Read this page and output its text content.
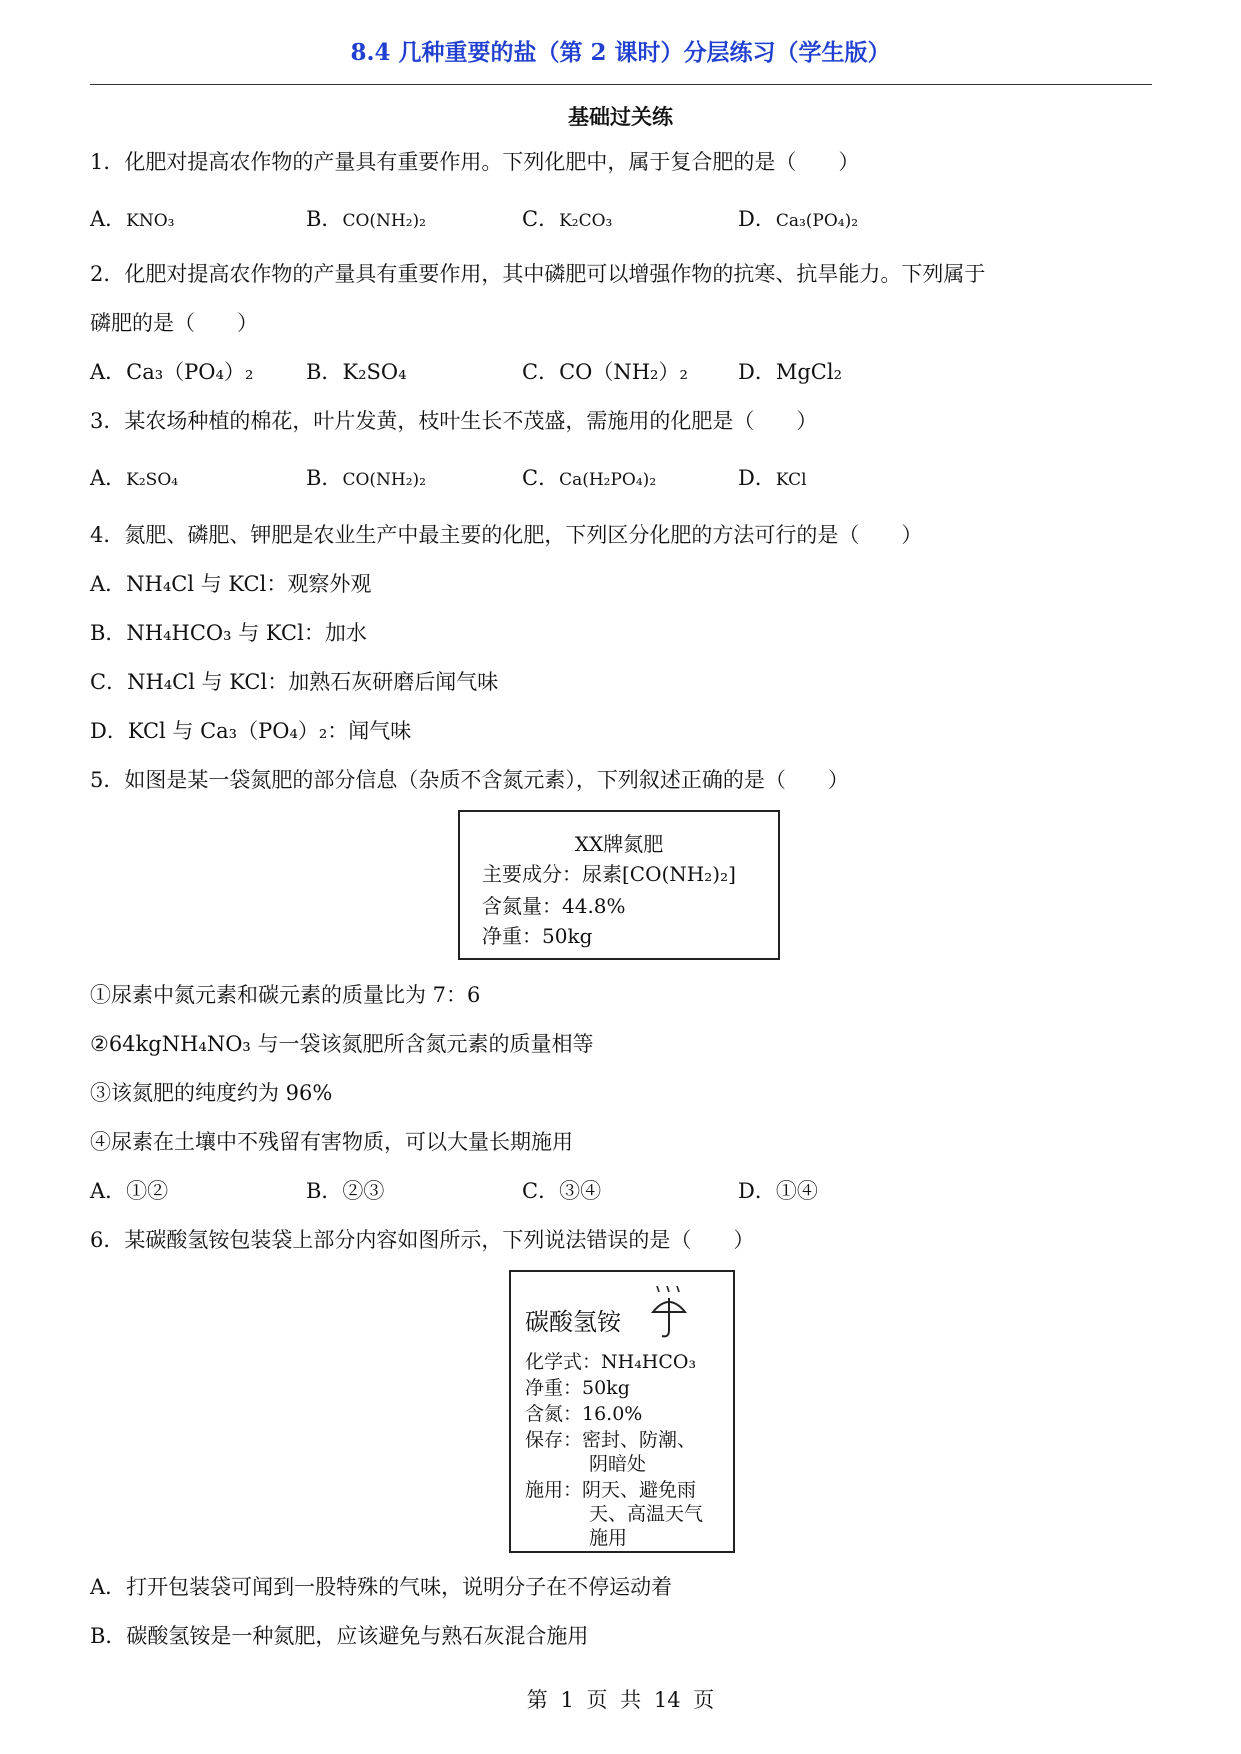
8.4 几种重要的盐（第 2 课时）分层练习（学生版）
基础过关练
1．化肥对提高农作物的产量具有重要作用。下列化肥中，属于复合肥的是（　　）
A．KNO₃	B．CO(NH₂)₂	C．K₂CO₃	D．Ca₃(PO₄)₂
2．化肥对提高农作物的产量具有重要作用，其中磷肥可以增强作物的抗寒、抗旱能力。下列属于
磷肥的是（　　）
A．Ca₃（PO₄）₂	B．K₂SO₄	C．CO（NH₂）₂ D．MgCl₂
3．某农场种植的棉花，叶片发黄，枝叶生长不茂盛，需施用的化肥是（　　）
A．K₂SO₄	B．CO(NH₂)₂	C．Ca(H₂PO₄)₂	D．KCl
4．氮肥、磷肥、钾肥是农业生产中最主要的化肥，下列区分化肥的方法可行的是（　　）
A．NH₄Cl 与 KCl：观察外观
B．NH₄HCO₃ 与 KCl：加水
C．NH₄Cl 与 KCl：加熟石灰研磨后闻气味
D．KCl 与 Ca₃（PO₄）₂：闻气味
5．如图是某一袋氮肥的部分信息（杂质不含氮元素），下列叙述正确的是（　　）
XX牌氮肥
主要成分：尿素[CO(NH₂)₂]
含氮量：44.8%
净重：50kg
①尿素中氮元素和碳元素的质量比为 7：6
②64kgNH₄NO₃ 与一袋该氮肥所含氮元素的质量相等
③该氮肥的纯度约为 96%
④尿素在土壤中不残留有害物质，可以大量长期施用
A．①②	B．②③	C．③④	D．①④
6．某碳酸氢铵包装袋上部分内容如图所示，下列说法错误的是（　　）
碳酸氢铵
化学式：NH₄HCO₃
净重：50kg
含氮：16.0%
保存：密封、防潮、
阴暗处
施用：阴天、避免雨
天、高温天气
施用
A．打开包装袋可闻到一股特殊的气味，说明分子在不停运动着
B．碳酸氢铵是一种氮肥，应该避免与熟石灰混合施用
第 1 页 共 14 页
